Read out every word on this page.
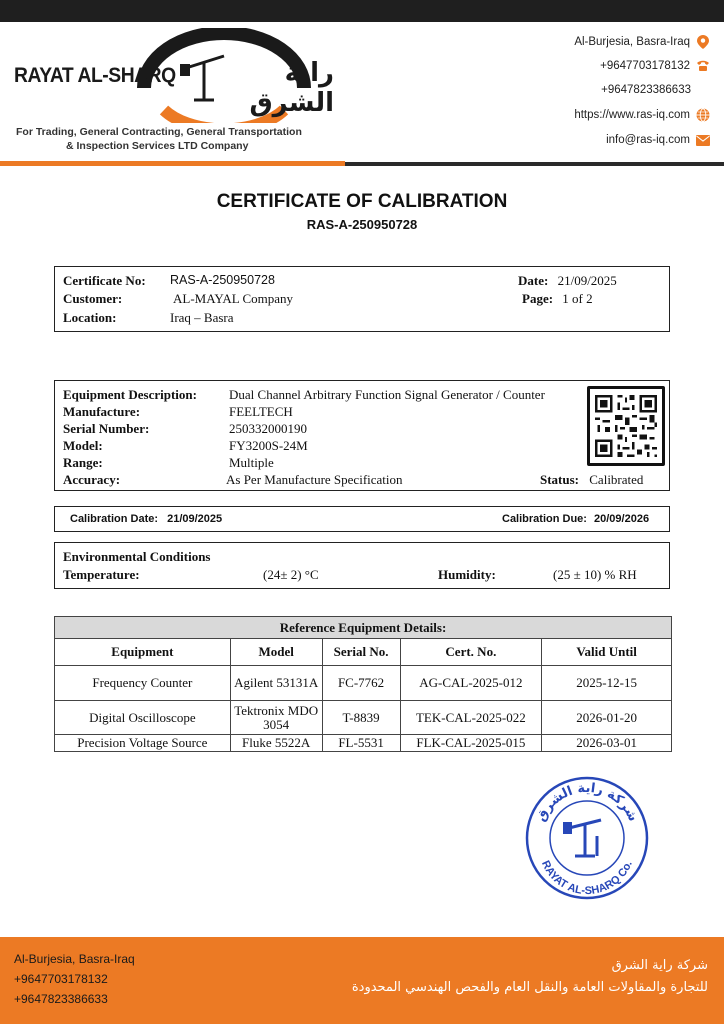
RAYAT AL-SHARQ	راية الشرق
For Trading, General Contracting, General Transportation
& Inspection Services LTD Company
Al-Burjesia, Basra-Iraq
+9647703178132
+9647823386633
https://www.ras-iq.com
info@ras-iq.com
CERTIFICATE OF CALIBRATION
RAS-A-250950728
Certificate No: RAS-A-250950728
Customer:	AL-MAYAL Company
Location:	Iraq – Basra
Date: 21/09/2025
Page: 1 of 2
Equipment Description: Dual Channel Arbitrary Function Signal Generator / Counter
Manufacture:	FEELTECH
Serial Number:	250332000190
Model:	FY3200S-24M
Range:	Multiple
Accuracy:	As Per Manufacture Specification	Status: Calibrated
Calibration Date: 21/09/2025	Calibration Due: 20/09/2026
Environmental Conditions
Temperature:	(24± 2) °C	Humidity:	(25 ± 10) % RH
Reference Equipment Details:				
Equipment	Model	Serial No.	Cert. No.	Valid Until
Frequency Counter	Agilent 53131A	FC-7762	AG-CAL-2025-012	2025-12-15
Digital Oscilloscope	Tektronix MDO 3054	T-8839	TEK-CAL-2025-022	2026-01-20
Precision Voltage Source	Fluke 5522A	FL-5531	FLK-CAL-2025-015	2026-03-01
شركة راية الشرق
RAYAT AL-SHARQ Co.
Al-Burjesia, Basra-Iraq
+9647703178132
+9647823386633
شركة راية الشرق
للتجارة والمقاولات العامة والنقل العام والفحص الهندسي المحدودة
